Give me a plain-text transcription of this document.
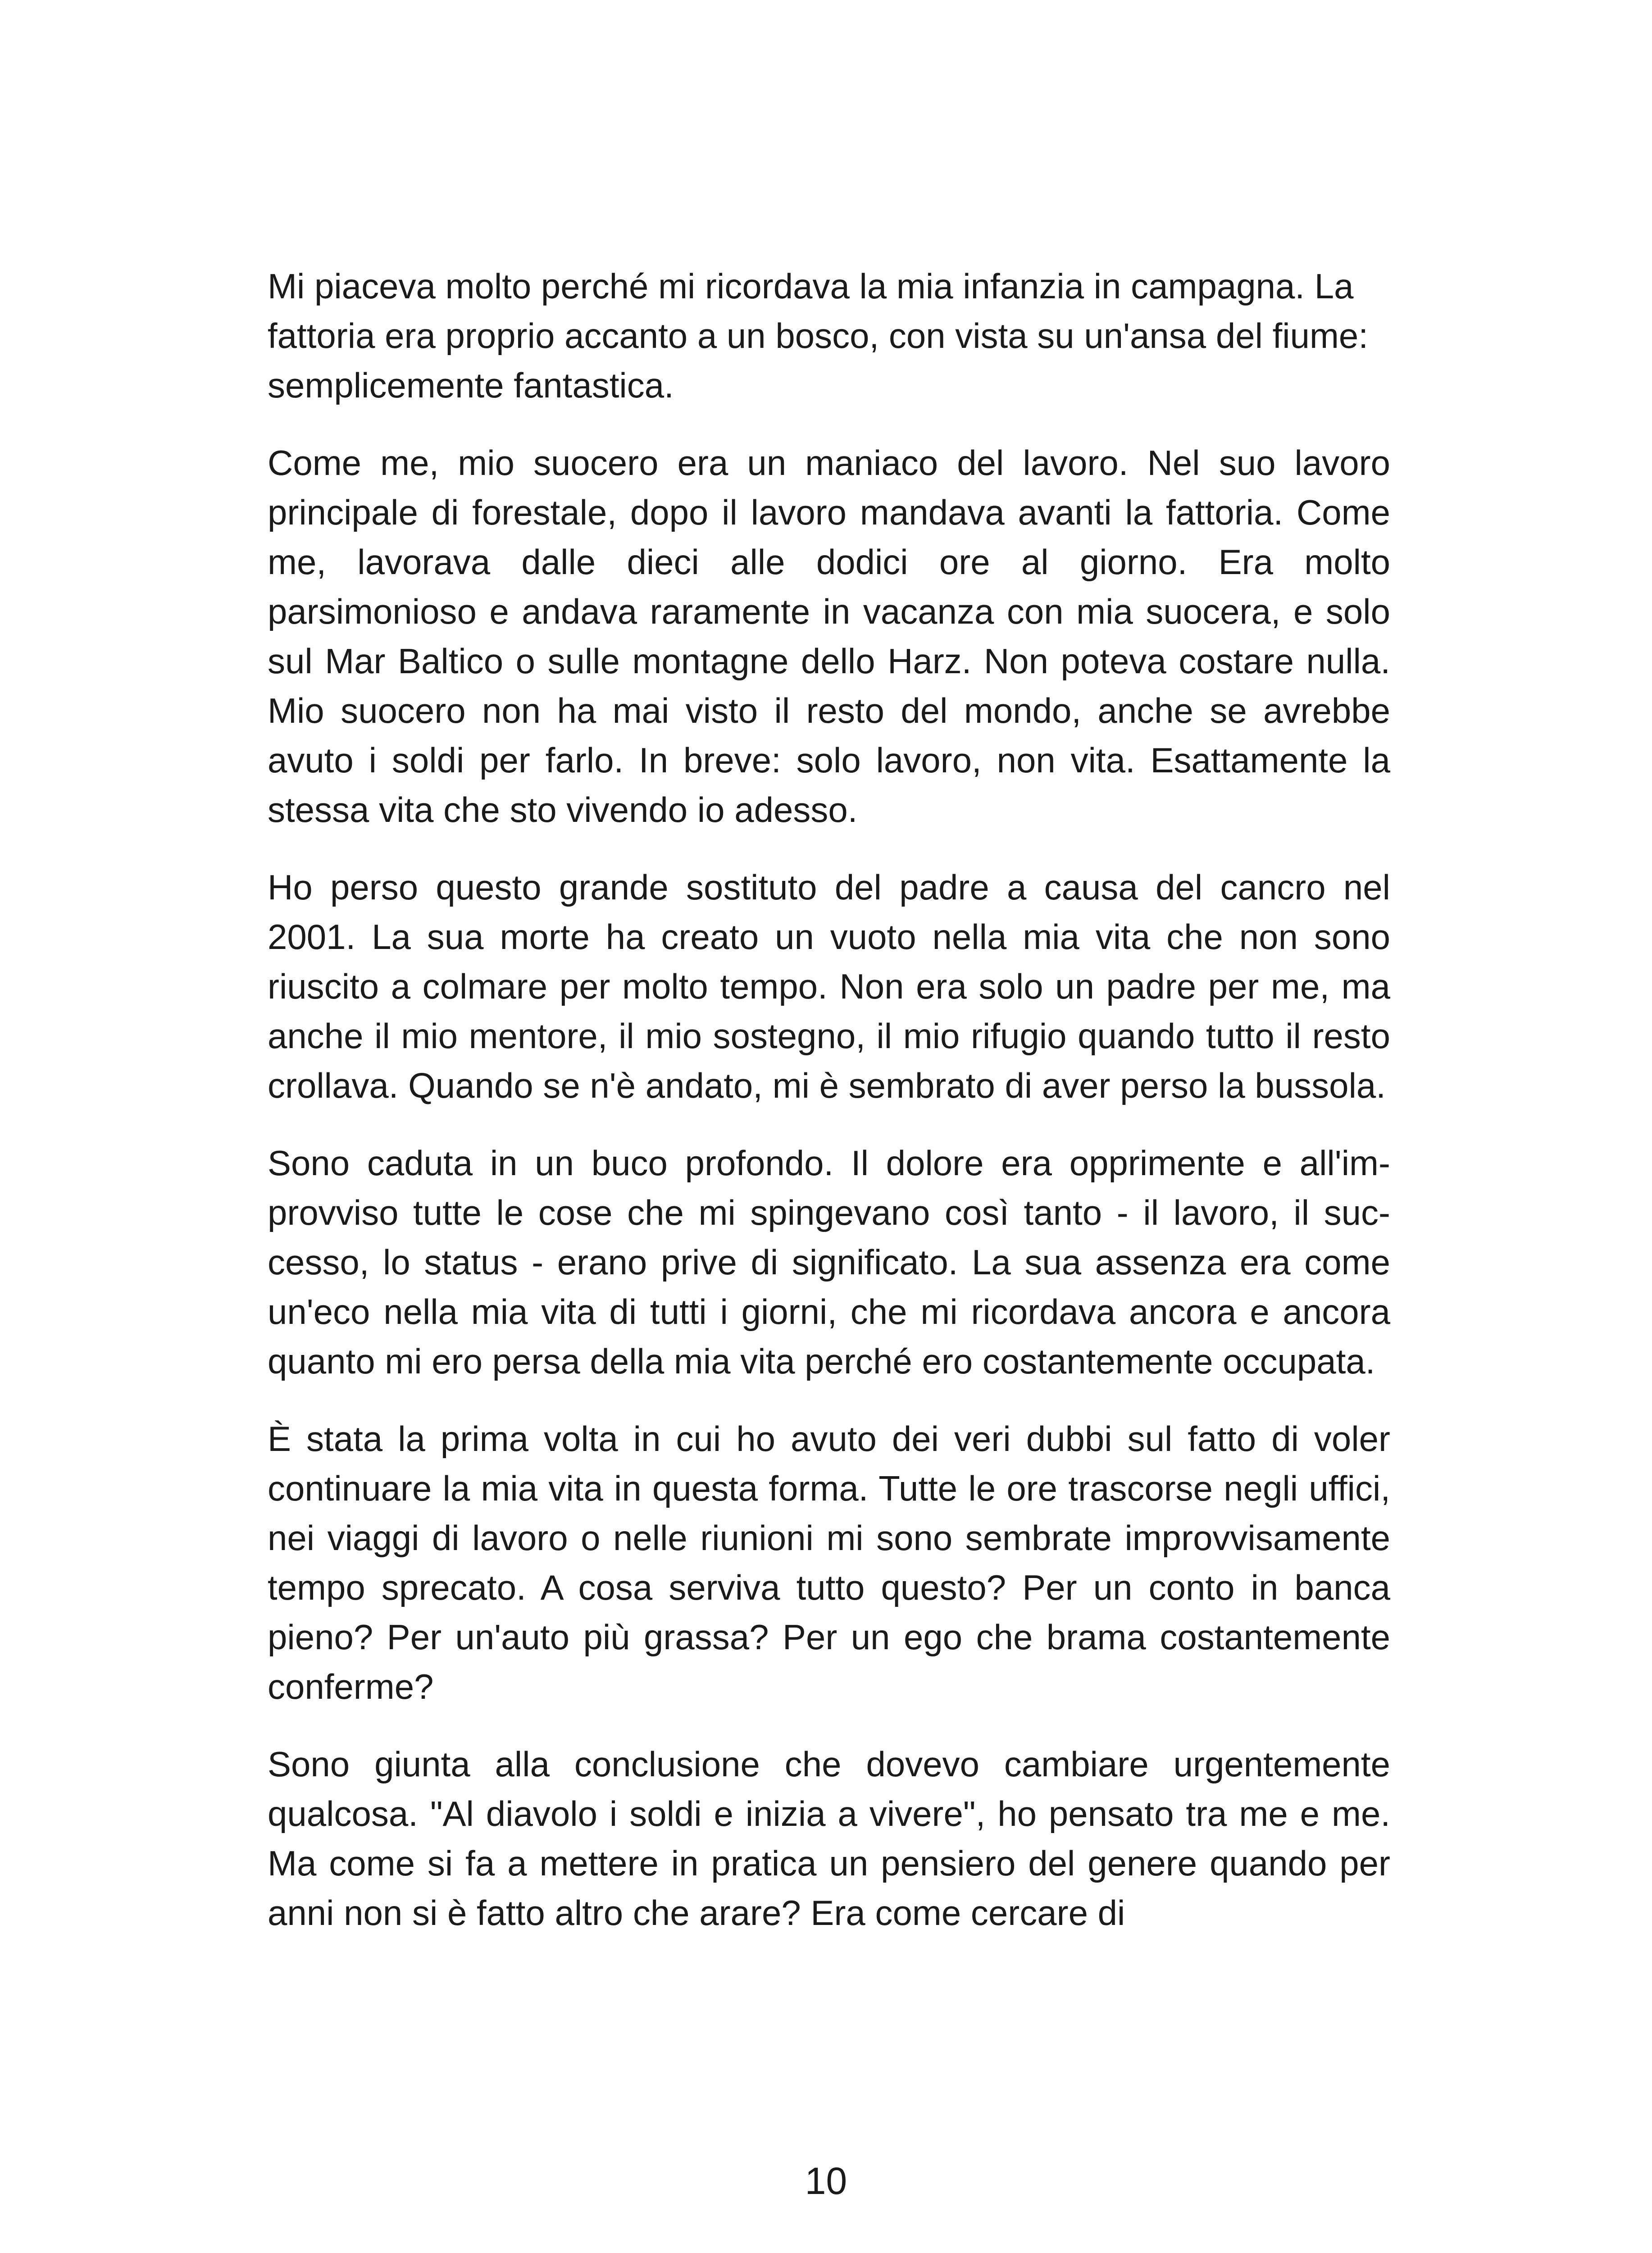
Mi piaceva molto perché mi ricordava la mia infanzia in campagna. La fattoria era proprio accanto a un bosco, con vista su un'ansa del fiume: semplicemente fantastica.

Come me, mio suocero era un maniaco del lavoro. Nel suo lavoro principale di forestale, dopo il lavoro mandava avanti la fattoria. Come me, lavorava dalle dieci alle dodici ore al giorno. Era molto parsimonioso e andava raramente in vacanza con mia suocera, e solo sul Mar Baltico o sulle montagne dello Harz. Non poteva costare nulla. Mio suocero non ha mai visto il resto del mondo, anche se avrebbe avuto i soldi per farlo. In breve: solo lavoro, non vita. Esattamente la stessa vita che sto vivendo io adesso.

Ho perso questo grande sostituto del padre a causa del cancro nel 2001. La sua morte ha creato un vuoto nella mia vita che non sono riuscito a colmare per molto tempo. Non era solo un padre per me, ma anche il mio mentore, il mio sostegno, il mio rifugio quando tutto il resto crollava. Quando se n'è andato, mi è sembrato di aver perso la bussola.

Sono caduta in un buco profondo. Il dolore era opprimente e all'improvviso tutte le cose che mi spingevano così tanto - il lavoro, il successo, lo status - erano prive di significato. La sua assenza era come un'eco nella mia vita di tutti i giorni, che mi ricordava ancora e ancora quanto mi ero persa della mia vita perché ero costantemente occupata.

È stata la prima volta in cui ho avuto dei veri dubbi sul fatto di voler continuare la mia vita in questa forma. Tutte le ore trascorse negli uffici, nei viaggi di lavoro o nelle riunioni mi sono sembrate improvvisamente tempo sprecato. A cosa serviva tutto questo? Per un conto in banca pieno? Per un'auto più grassa? Per un ego che brama costantemente conferme?

Sono giunta alla conclusione che dovevo cambiare urgentemente qualcosa. "Al diavolo i soldi e inizia a vivere", ho pensato tra me e me. Ma come si fa a mettere in pratica un pensiero del genere quando per anni non si è fatto altro che arare? Era come cercare di

10
